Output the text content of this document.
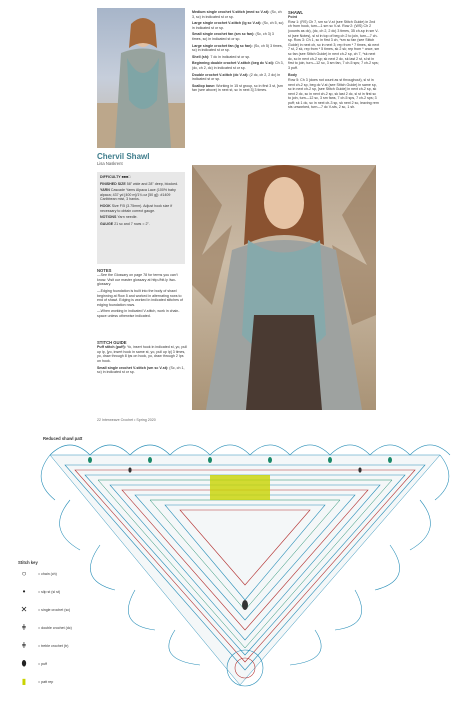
Chervil Shawl
Lisa Naskrent
DIFFICULTY ■■■□
FINISHED SIZE 58" wide and 28" deep, blocked.
YARN Cascade Yarns Alpaca Lace (100% baby alpaca; 437 yd [400 m]/1¾ oz [50 g]): #1409 Caribbean mist, 3 hanks.
HOOK Size F/5 (3.75mm). Adjust hook size if necessary to obtain correct gauge.
NOTIONS Yarn needle.
GAUGE 21 sc and 7 rows = 2".
NOTES
—See the Glossary on page 78 for terms you can't know. Visit our master glossary at http://bit.ly /iwc-glossary.
—Edging foundation is built into the body of shawl beginning at Row 5 and worked in alternating rows to end of shawl. Edging is worked in indicated stitches of edging foundation rows.
—When working in indicated V-stitch, work in chain-space unless otherwise indicated.
STITCH GUIDE
Puff stitch (puff): Yo, insert hook in indicated st, yo, pull up lp, [yo, insert hook in same st, yo, pull up lp] 3 times, yo, draw through 8 lps on hook, yo, draw through 2 lps on hook.
Small single crochet V-stitch (sm sc V-st): (Sc, ch 1, sc) in indicated st or sp.
Medium single crochet V-stitch (med sc V-st): (Sc, ch 3, sc) in indicated st or sp.
Large single crochet V-stitch (lg sc V-st): (Sc, ch 5, sc) in indicated st or sp.
Small single crochet fan (sm sc fan): (Sc, ch 3) 3 times, sc) in indicated st or sp.
Large single crochet fan (lg sc fan): (Sc, ch 5) 3 times, sc) in indicated st or sp.
Shell (sh): 7 dc in indicated st or sp.
Beginning double crochet V-stitch (beg dc V-st): Ch 3, (dc, ch 2, dc) in indicated st or sp.
Double crochet V-stitch (dc V-st): (2 dc, ch 2, 2 dc) in indicated st or sp.
Scallop base: Working in 15 st group, sc in first 3 st, [sm fan (see above) in next st, sc in next 3] 3 times.
SHAWL
Point
Row 1: (RS) Ch 7, sm sc V-st (see Stitch Guide) in 2nd ch from hook, turn—1 sm sc V-st. Row 2: (WS) Ch 2 (counts as dc), (dc, ch 2, 2 dc) 3 times, 35 ch-sp in sm V-st (see Notes), sl st in top of beg ch 2 to join, turn—7 ch-sp. Row 3: Ch 1, sc in first 3 ch, *sm sc fan (see Stitch Guide) in next ch, sc in next 3; rep from * 7 times, sk next 7 st, 2 sk, rep from * 5 times, sk 2 sk; rep from * once, sm sc fan (see Stitch Guide) in next ch-2 sp, ch 7, *sk next dc, sc in next ch-2 sp; sk next 2 dc, sk last 2 st, sl st in first to join, turn—12 sc, 3 sm fan, 7 ch-5 sps; 7 ch-2 sps; 3 puff.
Body
Row 5: Ch 3 (does not count as st throughout), sl st in next ch-2 sp, beg dc V-st (see Stitch Guide) in same sp, sc in next ch-2 sp, [see Stitch Guide] in next ch-2 sp, sk next 2 dc, sc in next ch-2 sp, sk last 2 dc, sl st in first sc to join, turn—12 sc, 3 sm fans, 7 ch-5 sps, 7 ch-2 sps; 3 puff; sk 1 dc, sc in next ch-3 sp, sk next 2 sc, leaving rem sts unworked, turn—7 dc V-sts, 2 sc, 1 sh.
22 Interweave Crochet • Spring 2020
Reduced shawl patt
Stitch key
○	= chain (ch)
•	= slip st (sl st)
✕	= single crochet (sc)
ǂ	= double crochet (dc)
ǂ	= treble crochet (tr)
⬮	= puff
▮	= patt rep
